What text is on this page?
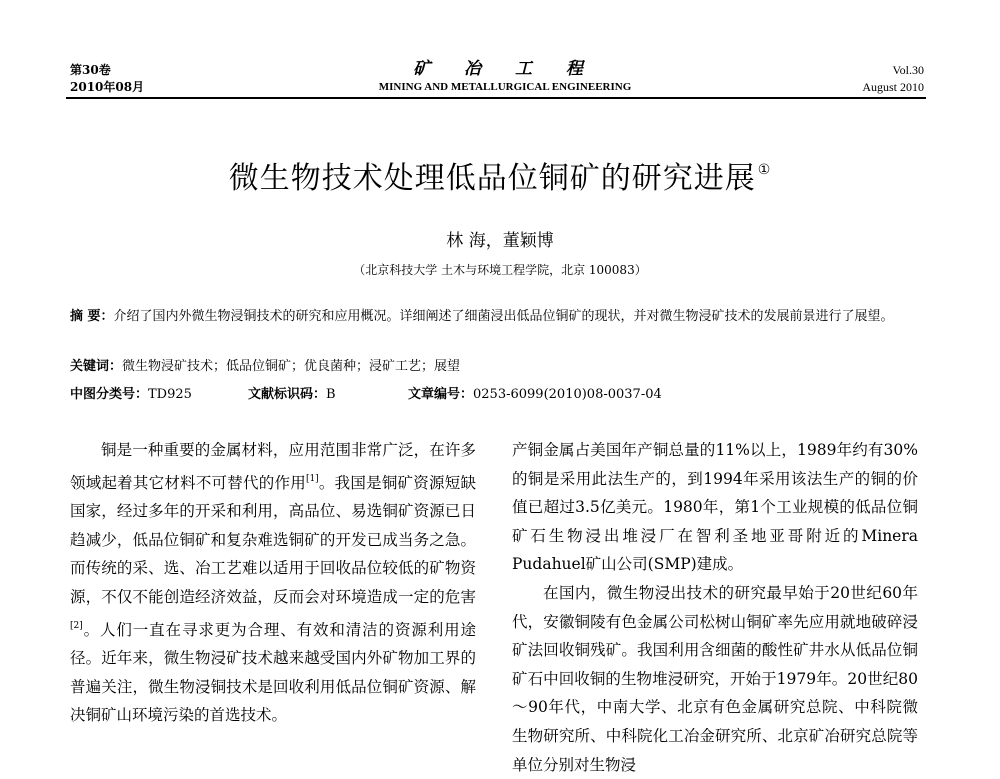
第30卷
2010年08月
矿 冶 工 程
MINING AND METALLURGICAL ENGINEERING
Vol.30
August 2010
微生物技术处理低品位铜矿的研究进展 ①
林 海，董颖博
（北京科技大学 土木与环境工程学院，北京 100083）
摘 要：介绍了国内外微生物浸铜技术的研究和应用概况。详细阐述了细菌浸出低品位铜矿的现状，并对微生物浸矿技术的发展前景进行了展望。
关键词：微生物浸矿技术；低品位铜矿；优良菌种；浸矿工艺；展望
中图分类号：TD925	文献标识码：B	文章编号：0253-6099(2010)08-0037-04

铜是一种重要的金属材料，应用范围非常广泛，在许多领域起着其它材料不可替代的作用[1]。我国是铜矿资源短缺国家，经过多年的开采和利用，高品位、易选铜矿资源已日趋减少，低品位铜矿和复杂难选铜矿的开发已成当务之急。而传统的采、选、冶工艺难以适用于回收品位较低的矿物资源，不仅不能创造经济效益，反而会对环境造成一定的危害[2]。人们一直在寻求更为合理、有效和清洁的资源利用途径。近年来，微生物浸矿技术越来越受国内外矿物加工界的普遍关注，微生物浸铜技术是回收利用低品位铜矿资源、解决铜矿山环境污染的首选技术。

产铜金属占美国年产铜总量的11%以上，1989年约有30%的铜是采用此法生产的，到1994年采用该法生产的铜的价值已超过3.5亿美元。1980年，第1个工业规模的低品位铜矿石生物浸出堆浸厂在智利圣地亚哥附近的Minera Pudahuel矿山公司(SMP)建成。

在国内，微生物浸出技术的研究最早始于20世纪60年代，安徽铜陵有色金属公司松树山铜矿率先应用就地破碎浸矿法回收铜残矿。我国利用含细菌的酸性矿井水从低品位铜矿石中回收铜的生物堆浸研究，开始于1979年。20世纪80～90年代，中南大学、北京有色金属研究总院、中科院微生物研究所、中科院化工冶金研究所、北京矿冶研究总院等单位分别对生物浸
